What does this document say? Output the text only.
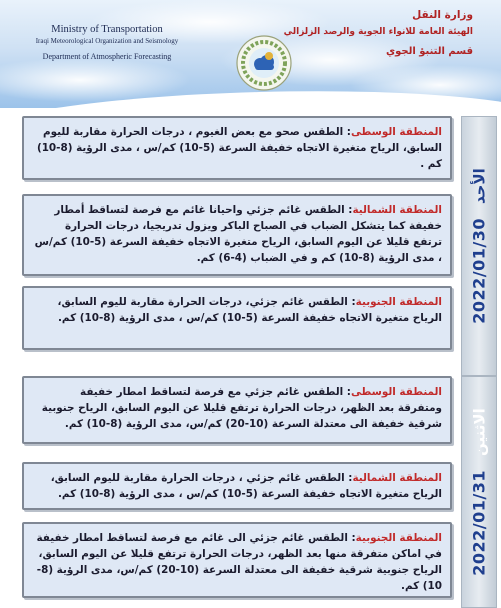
Ministry of Transportation
Iraqi Meteorological Organization and Seismology
Department of Atmospheric Forecasting
وزارة النقل
الهيئة العامة للانواء الجوية والرصد الزلزالي
قسم التنبؤ الجوي
2022/01/30
الأحد
المنطقة الوسطى: الطقس صحو مع بعض الغيوم ، درجات الحرارة مقاربة لليوم السابق، الرياح متغيرة الاتجاه خفيفة السرعة (5-10) كم/س ، مدى الرؤية (8-10) كم .
المنطقة الشمالية: الطقس غائم جزئي واحيانا غائم مع فرصة لتساقط أمطار خفيفة كما يتشكل الضباب في الصباح الباكر ويزول تدريجيا، درجات الحرارة ترتفع قليلا عن اليوم السابق، الرياح متغيرة الاتجاه خفيفة السرعة (5-10) كم/س ، مدى الرؤية (8-10) كم و في الضباب (4-6) كم.
المنطقة الجنوبية: الطقس غائم جزئي، درجات الحرارة مقاربة لليوم السابق، الرياح متغيرة الاتجاه خفيفة السرعة (5-10) كم/س ، مدى الرؤية (8-10) كم.
2022/01/31
الاثنين
المنطقة الوسطى: الطقس غائم جزئي مع فرصة لتساقط امطار خفيفة ومتفرقة بعد الظهر، درجات الحرارة ترتفع قليلا عن اليوم السابق، الرياح جنوبية شرقية خفيفة الى معتدلة السرعة (10-20) كم/س، مدى الرؤية (8-10) كم.
المنطقة الشمالية: الطقس غائم جزئي ، درجات الحرارة مقاربة لليوم السابق، الرياح متغيرة الاتجاه خفيفة السرعة (5-10) كم/س ، مدى الرؤية (8-10) كم.
المنطقة الجنوبية: الطقس غائم جزئي الى غائم مع فرصة لتساقط امطار خفيفة في اماكن متفرقة منها بعد الظهر، درجات الحرارة ترتفع قليلا عن اليوم السابق، الرياح جنوبية شرقية خفيفة الى معتدلة السرعة (10-20) كم/س، مدى الرؤية (8-10) كم.
